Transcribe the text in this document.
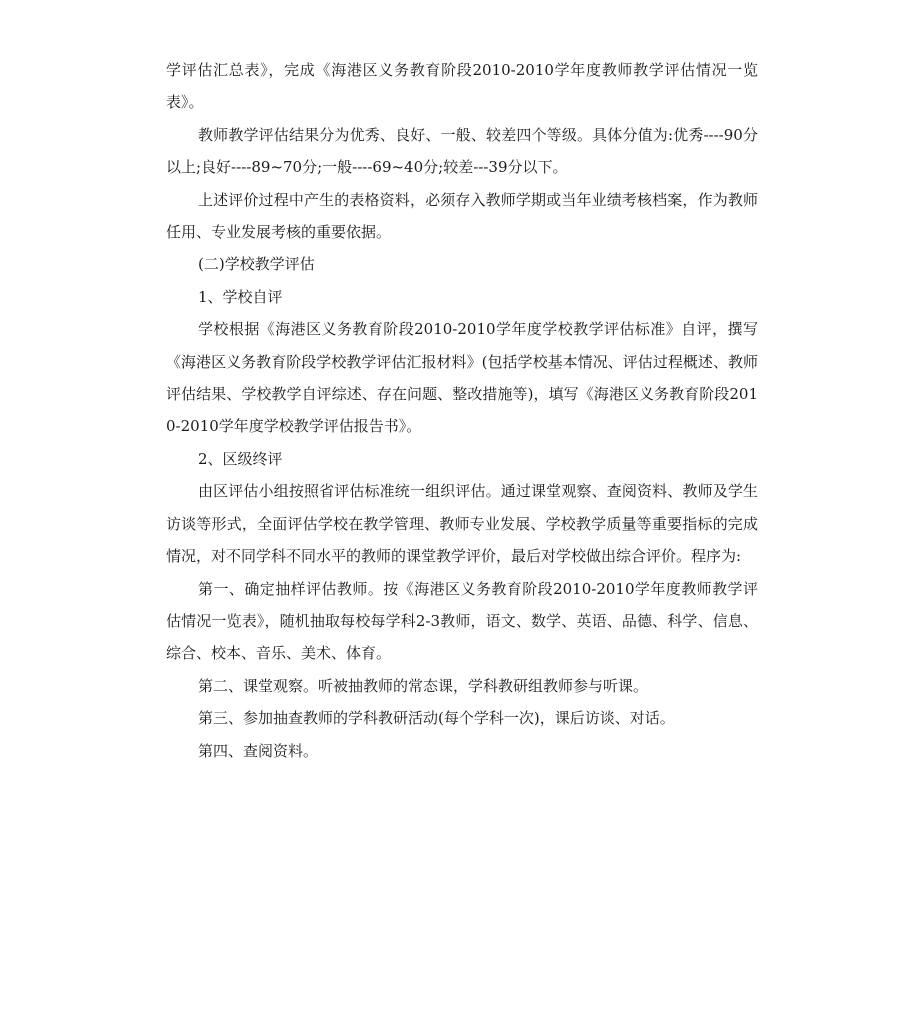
学评估汇总表》，完成《海港区义务教育阶段2010-2010学年度教师教学评估情况一览表》。

教师教学评估结果分为优秀、良好、一般、较差四个等级。具体分值为:优秀----90分以上;良好----89~70分;一般----69~40分;较差---39分以下。

上述评价过程中产生的表格资料，必须存入教师学期或当年业绩考核档案，作为教师任用、专业发展考核的重要依据。

(二)学校教学评估

1、学校自评

学校根据《海港区义务教育阶段2010-2010学年度学校教学评估标准》自评，撰写《海港区义务教育阶段学校教学评估汇报材料》(包括学校基本情况、评估过程概述、教师评估结果、学校教学自评综述、存在问题、整改措施等)，填写《海港区义务教育阶段2010-2010学年度学校教学评估报告书》。

2、区级终评

由区评估小组按照省评估标准统一组织评估。通过课堂观察、查阅资料、教师及学生访谈等形式，全面评估学校在教学管理、教师专业发展、学校教学质量等重要指标的完成情况，对不同学科不同水平的教师的课堂教学评价，最后对学校做出综合评价。程序为:

第一、确定抽样评估教师。按《海港区义务教育阶段2010-2010学年度教师教学评估情况一览表》，随机抽取每校每学科2-3教师，语文、数学、英语、品德、科学、信息、综合、校本、音乐、美术、体育。

第二、课堂观察。听被抽教师的常态课，学科教研组教师参与听课。

第三、参加抽查教师的学科教研活动(每个学科一次)，课后访谈、对话。

第四、查阅资料。
